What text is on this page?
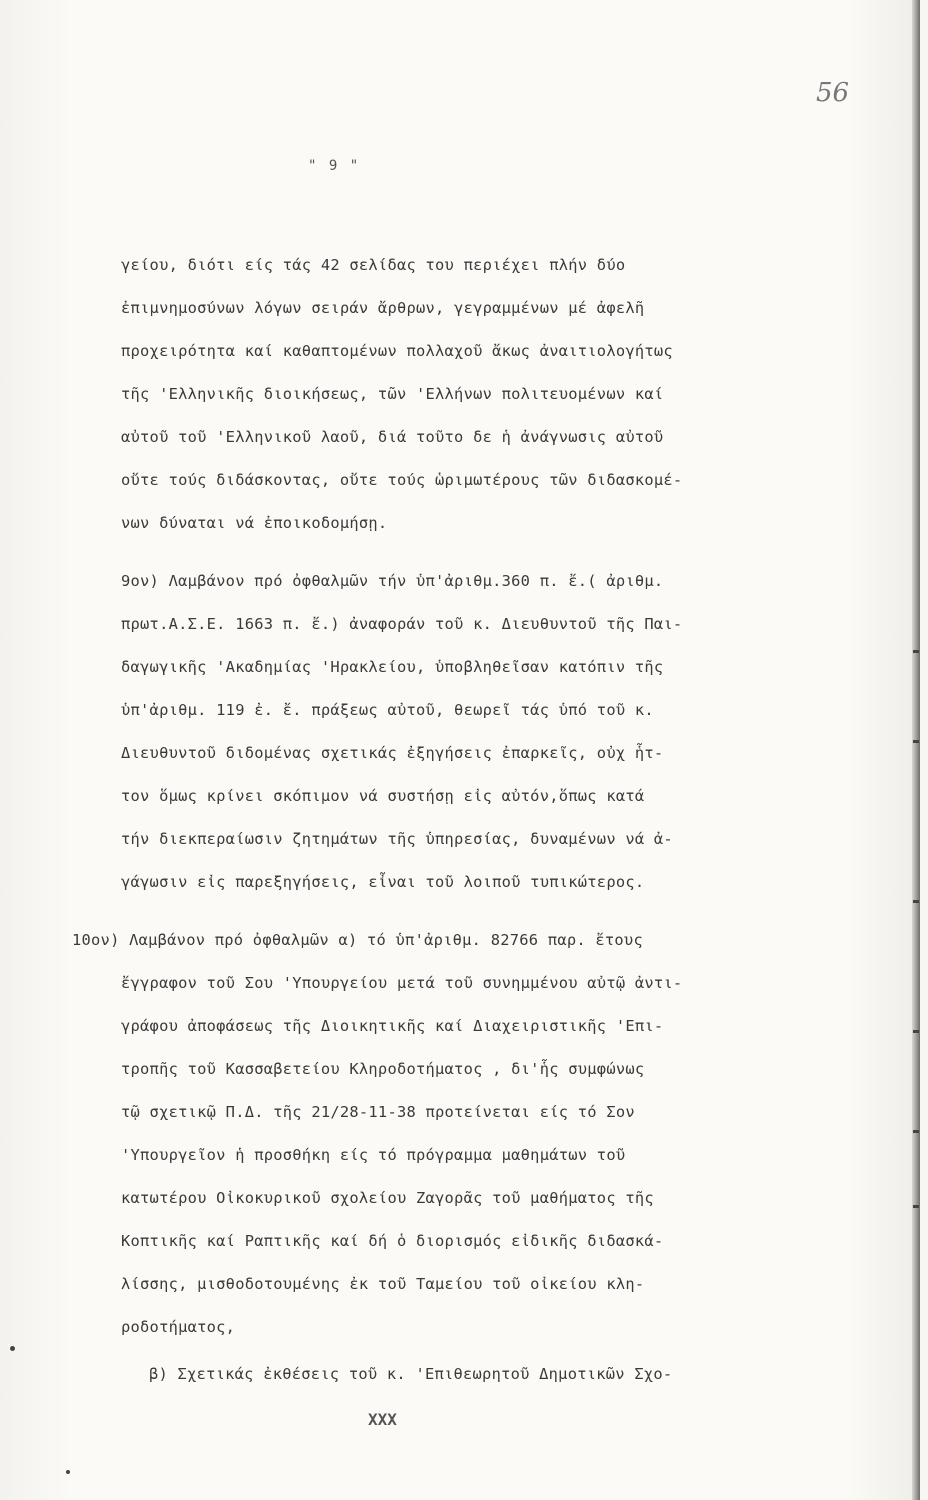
56
" 9 "
γείου, διότι είς τάς 42 σελίδας του περιέχει πλήν δύο
ἐπιμνημοσύνων λόγων σειράν ἄρθρων, γεγραμμένων μέ ἀφελῆ
προχειρότητα καί καθαπτομένων πολλαχοῦ ἄκως ἀναιτιολογήτως
τῆς 'Ελληνικῆς διοικήσεως, τῶν 'Ελλήνων πολιτευομένων καί
αὐτοῦ τοῦ 'Ελληνικοῦ λαοῦ, διά τοῦτο δε ἡ ἀνάγνωσις αὐτοῦ
οὔτε τούς διδάσκοντας, οὔτε τούς ὡριμωτέρους τῶν διδασκομέ-
νων δύναται νά ἐποικοδομήσῃ.
9ον) Λαμβάνον πρό ὀφθαλμῶν τήν ὑπ'ἀριθμ.360 π. ἔ.( ἀριθμ.
πρωτ.Α.Σ.Ε. 1663 π. ἔ.) ἀναφοράν τοῦ κ. Διευθυντοῦ τῆς Παι-
δαγωγικῆς 'Ακαδημίας 'Ηρακλείου, ὑποβληθεῖσαν κατόπιν τῆς
ὑπ'ἀριθμ. 119 ἐ. ἔ. πράξεως αὐτοῦ, θεωρεῖ τάς ὑπό τοῦ κ.
Διευθυντοῦ διδομένας σχετικάς ἐξηγήσεις ἐπαρκεῖς, οὐχ ἧτ-
τον ὅμως κρίνει σκόπιμον νά συστήσῃ εἰς αὐτόν,ὅπως κατά
τήν διεκπεραίωσιν ζητημάτων τῆς ὑπηρεσίας, δυναμένων νά ἀ-
γάγωσιν εἰς παρεξηγήσεις, εἶναι τοῦ λοιποῦ τυπικώτερος.
10ον) Λαμβάνον πρό ὀφθαλμῶν α) τό ὑπ'ἀριθμ. 82766 παρ. ἔτους
ἔγγραφον τοῦ Σου 'Υπουργείου μετά τοῦ συνημμένου αὐτῷ ἀντι-
γράφου ἀποφάσεως τῆς Διοικητικῆς καί Διαχειριστικῆς 'Επι-
τροπῆς τοῦ Κασσαβετείου Κληροδοτήματος , δι'ἧς συμφώνως
τῷ σχετικῷ Π.Δ. τῆς 21/28-11-38 προτείνεται είς τό Σον
'Υπουργεῖον ἡ προσθήκη είς τό πρόγραμμα μαθημάτων τοῦ
κατωτέρου Οἰκοκυρικοῦ σχολείου Ζαγορᾶς τοῦ μαθήματος τῆς
Κοπτικῆς καί Ραπτικῆς καί δή ὁ διορισμός εἰδικῆς διδασκά-
λίσσης, μισθοδοτουμένης ἐκ τοῦ Ταμείου τοῦ οἰκείου κλη-
ροδοτήματος,
β) Σχετικάς ἐκθέσεις τοῦ κ. 'Επιθεωρητοῦ Δημοτικῶν Σχο-
ΧΧΧ
